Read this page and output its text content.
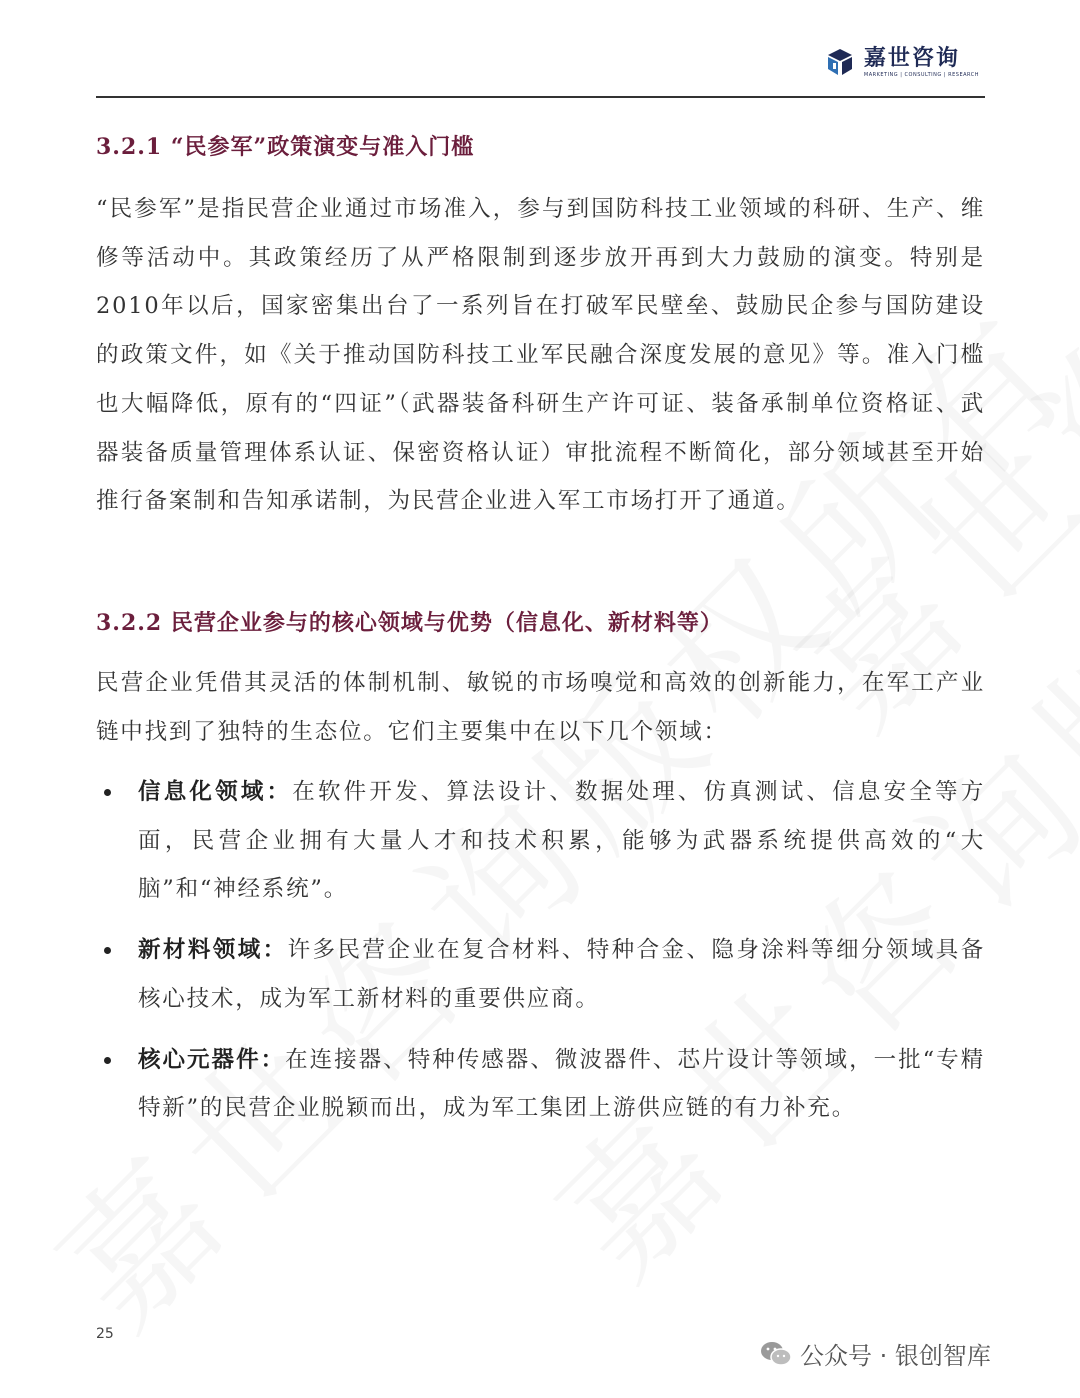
嘉世咨询
MARKETING | CONSULTING | RESEARCH
3.2.1 “民参军”政策演变与准入门槛

“民参军”是指民营企业通过市场准入，参与到国防科技工业领域的科研、生产、维修等活动中。其政策经历了从严格限制到逐步放开再到大力鼓励的演变。特别是2010年以后，国家密集出台了一系列旨在打破军民壁垒、鼓励民企参与国防建设的政策文件，如《关于推动国防科技工业军民融合深度发展的意见》等。准入门槛也大幅降低，原有的“四证”（武器装备科研生产许可证、装备承制单位资格证、武器装备质量管理体系认证、保密资格认证）审批流程不断简化，部分领域甚至开始推行备案制和告知承诺制，为民营企业进入军工市场打开了通道。

3.2.2 民营企业参与的核心领域与优势（信息化、新材料等）

民营企业凭借其灵活的体制机制、敏锐的市场嗅觉和高效的创新能力，在军工产业链中找到了独特的生态位。它们主要集中在以下几个领域：

信息化领域：在软件开发、算法设计、数据处理、仿真测试、信息安全等方面，民营企业拥有大量人才和技术积累，能够为武器系统提供高效的“大脑”和“神经系统”。
新材料领域：许多民营企业在复合材料、特种合金、隐身涂料等细分领域具备核心技术，成为军工新材料的重要供应商。
核心元器件：在连接器、特种传感器、微波器件、芯片设计等领域，一批“专精特新”的民营企业脱颖而出，成为军工集团上游供应链的有力补充。
25
公众号 · 银创智库
